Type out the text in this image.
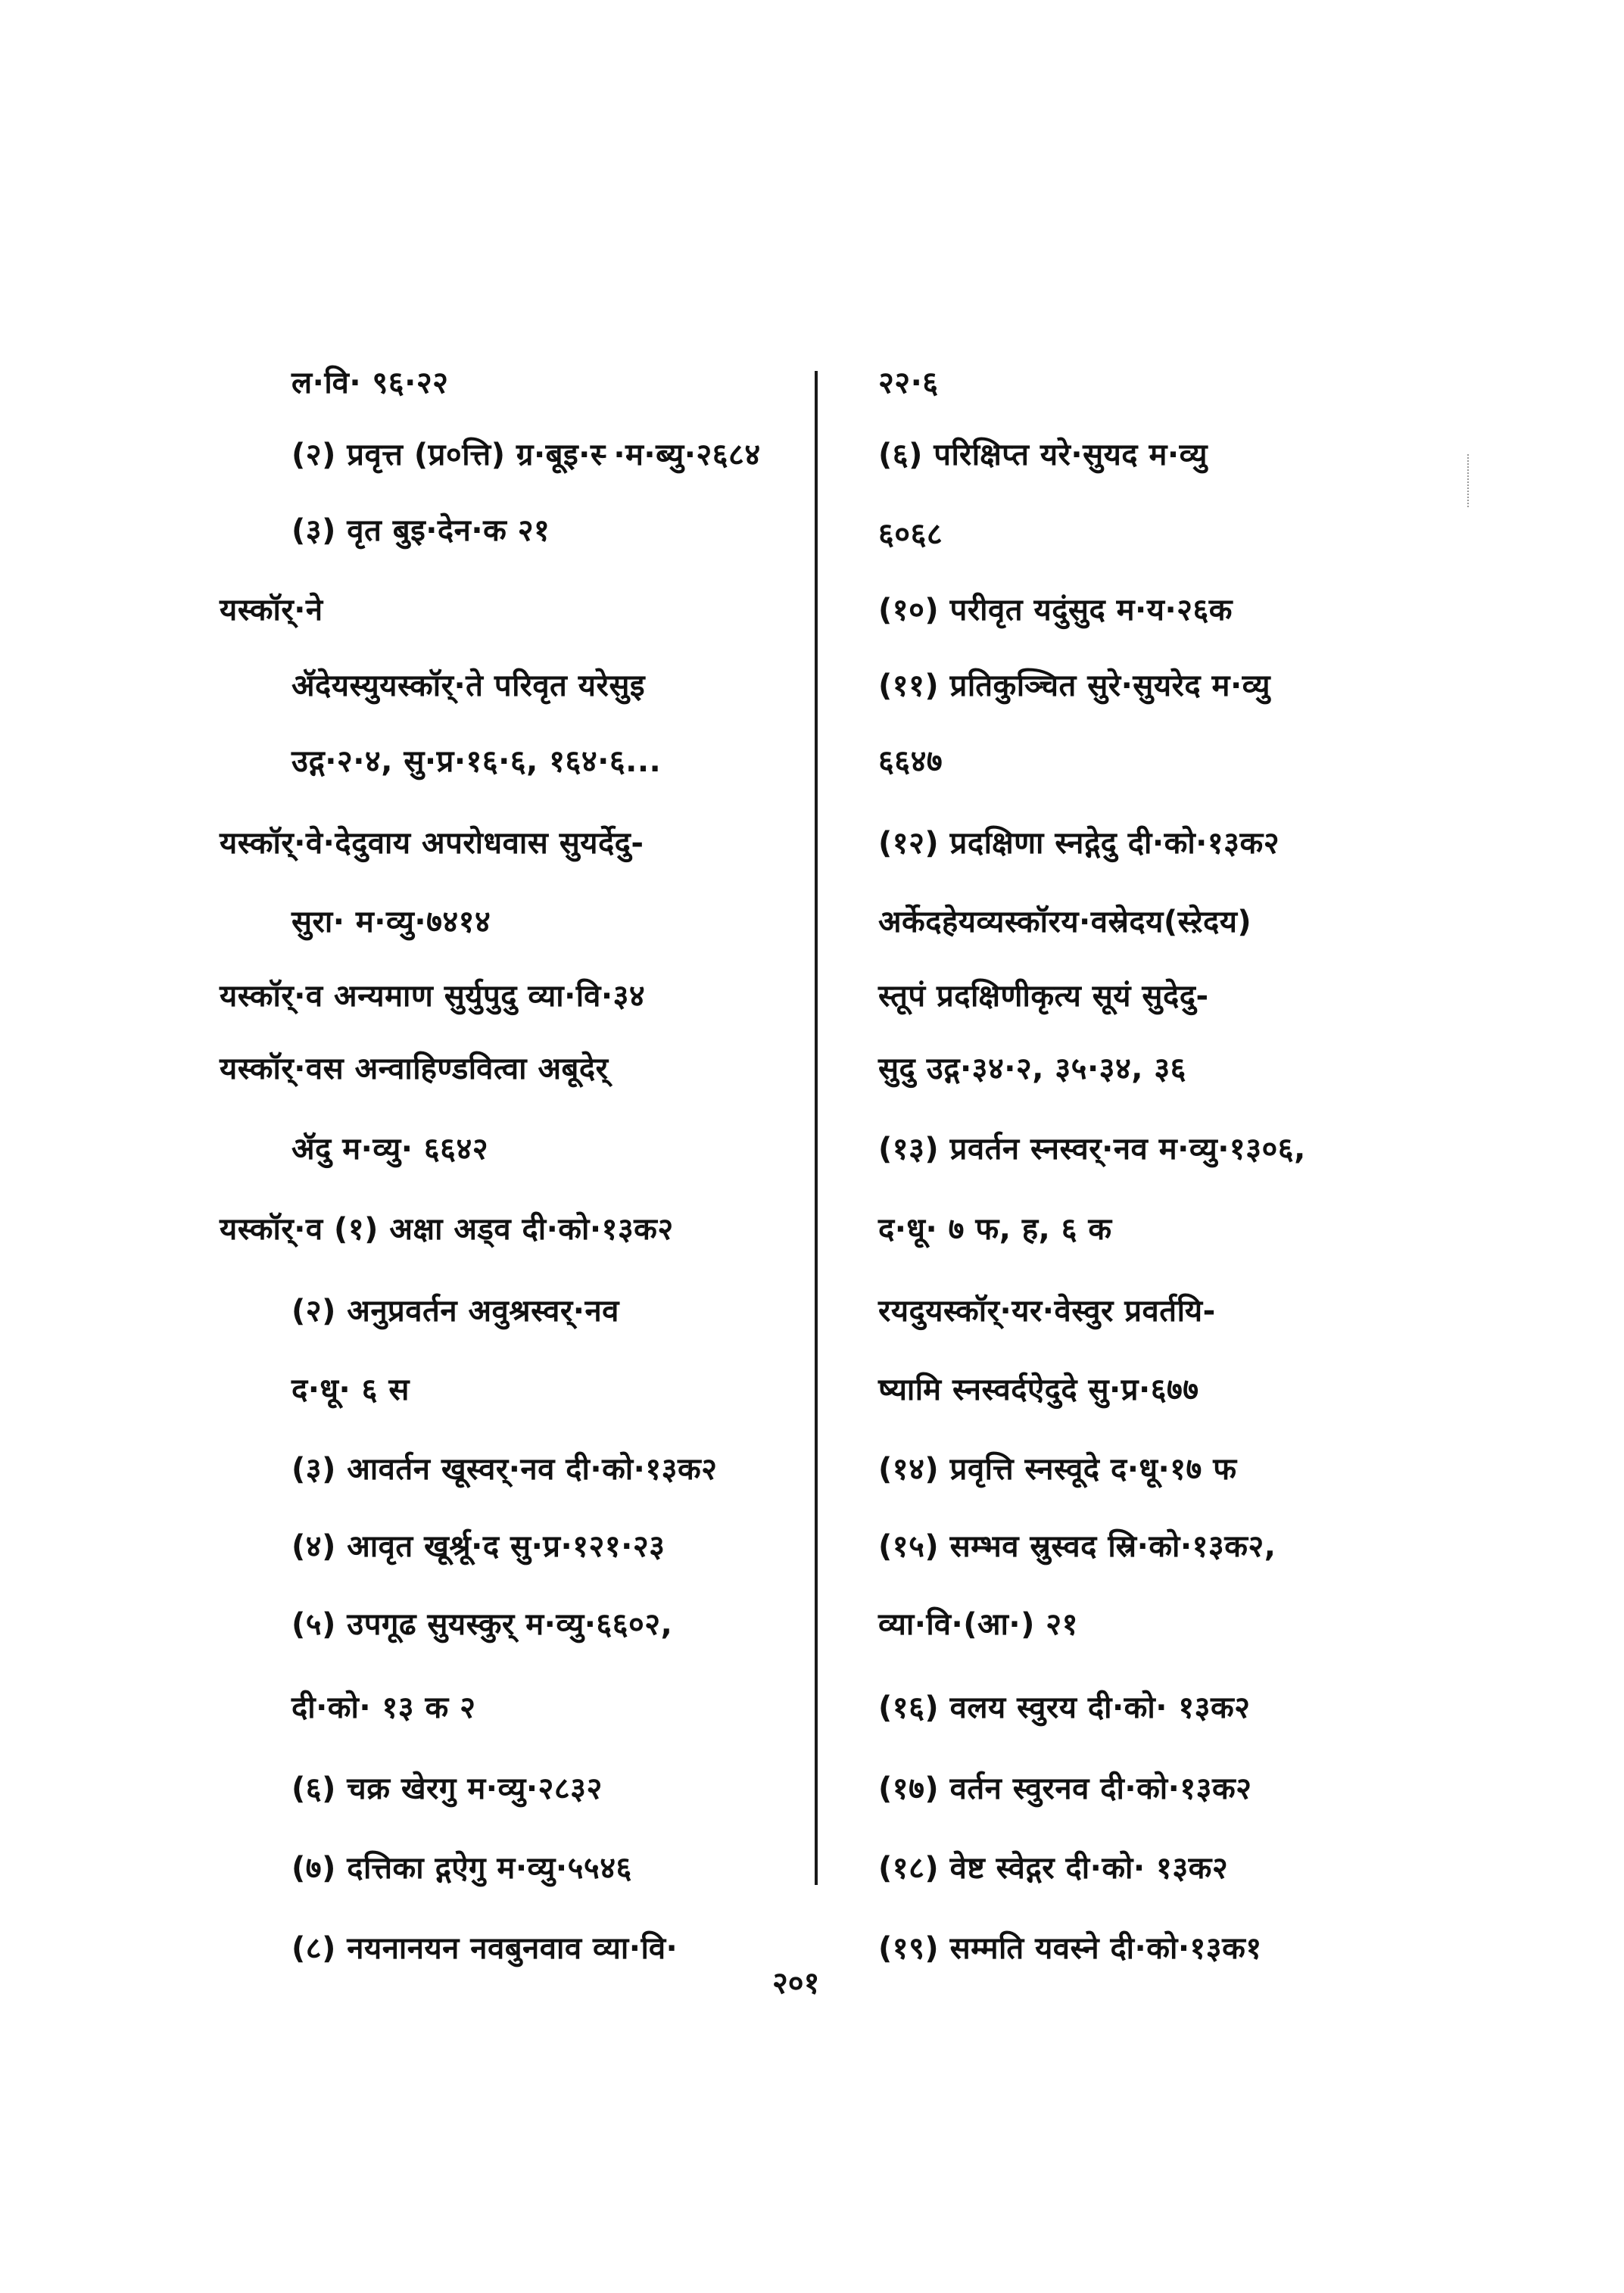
ल·वि· ९६·२२
(२) प्रवृत्त (प्र०त्ति) ग्र·बूइ·स्‍ ·म·ब्यु·२६८४
(३) वृत बुइ·देन·क २१
यस्कॉर्·ने
ॲदेयस्युयस्कॉर्·ते परिवृत यरेसुइ
उद्ग·२·४, सु·प्र·१६·६, १६४·६...
यस्कॉर्·वे·देदुवाय अपरोधवास सुयर्देदु-
सुरा· म·व्यु·७४१४
यस्कॉर्·व अन्यमाण सुर्युपुदु व्या·वि·३४
यस्कॉर्·वस अन्वाहिण्डवित्वा अबूदेर्
ॲदु म·व्यु· ६६४२
यस्कॉर्·व (१) अक्षा अड्व दी·को·१३क२
(२) अनुप्रवर्तन अवुश्रस्वर्·नव
द·धू· ६ स
(३) आवर्तन खूस्वर्·नव दी·को·१३क२
(४) आवृत खूर्श्रू·द सु·प्र·१२१·२३
(५) उपगूढ सुयस्कुर् म·व्यु·६६०२,
दी·को· १३ क २
(६) चक्र खेरगु म·व्यु·२८३२
(७) दत्तिका द्गऐगु म·व्यु·५५४६
(८) नयनानयन नवबुनवाव व्या·वि·
२२·६
(६) परिक्षिप्त यरे·सुयद म·व्यु
६०६८
(१०) परीवृत यदुंसुद म·य·२६क
(११) प्रतिकुञ्चित सुरे·सुयरेद म·व्यु
६६४७
(१२) प्रदक्षिणा स्नद्गेदु दी·को·१३क२
अर्केदहेयव्यस्कॉरय·वस्रेदय(स्ऱेदय)
स्तूपं प्रदक्षिणीकृत्य सूयं सुदेदु-
सुदु उद्ग·३४·२, ३५·३४, ३६
(१३) प्रवर्तन स्नस्वर्·नव म·व्यु·१३०६,
द·धू· ७ फ, ह, ६ क
रयदुयस्कॉर्·यर·वेस्वुर प्रवर्तयि-
ष्यामि स्नस्वर्दऐदुदे सु·प्र·६७७
(१४) प्रवृत्ति स्नस्वूदे द·धू·१७ फ
(१५) सम्भव स्रुस्वद स्रि·को·१३क२,
व्या·वि·(आ·) २१
(१६) वलय स्वुरय दी·को· १३क२
(१७) वर्तन स्वुरनव दी·को·१३क२
(१८) वेष्ट स्वेद्गर दी·को· १३क२
(१९) सम्मति यवस्ने दी·को·१३क१
२०१
